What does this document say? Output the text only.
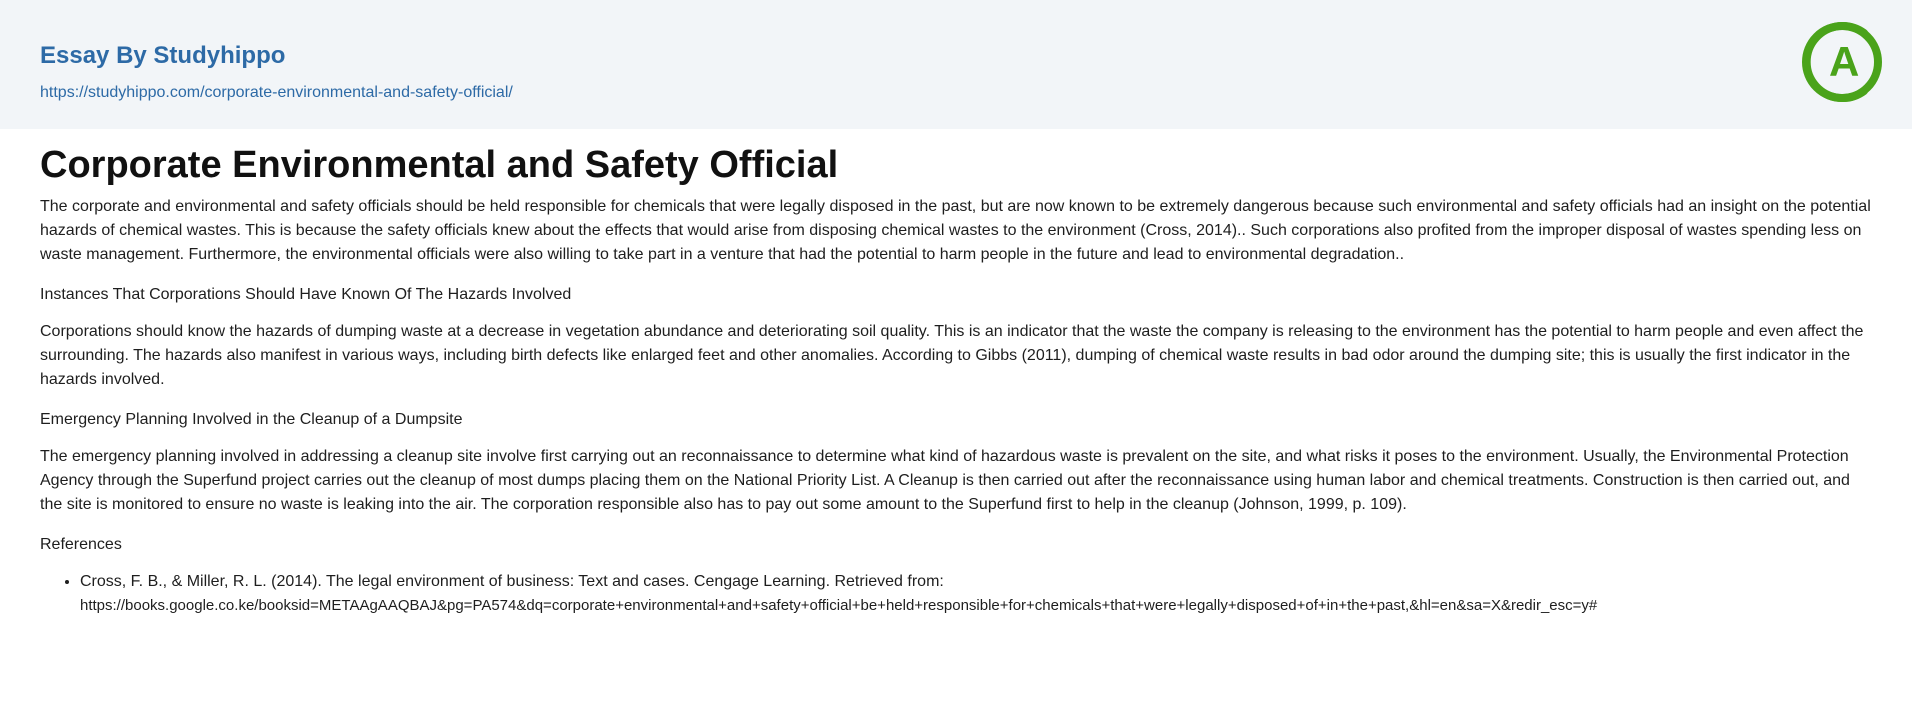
Essay By Studyhippo
https://studyhippo.com/corporate-environmental-and-safety-official/
A
Corporate Environmental and Safety Official

The corporate and environmental and safety officials should be held responsible for chemicals that were legally disposed in the past, but are now known to be extremely dangerous because such environmental and safety officials had an insight on the potential hazards of chemical wastes. This is because the safety officials knew about the effects that would arise from disposing chemical wastes to the environment (Cross, 2014).. Such corporations also profited from the improper disposal of wastes spending less on waste management. Furthermore, the environmental officials were also willing to take part in a venture that had the potential to harm people in the future and lead to environmental degradation..

Instances That Corporations Should Have Known Of The Hazards Involved

Corporations should know the hazards of dumping waste at a decrease in vegetation abundance and deteriorating soil quality. This is an indicator that the waste the company is releasing to the environment has the potential to harm people and even affect the surrounding. The hazards also manifest in various ways, including birth defects like enlarged feet and other anomalies. According to Gibbs (2011), dumping of chemical waste results in bad odor around the dumping site; this is usually the first indicator in the hazards involved.

Emergency Planning Involved in the Cleanup of a Dumpsite

The emergency planning involved in addressing a cleanup site involve first carrying out an reconnaissance to determine what kind of hazardous waste is prevalent on the site, and what risks it poses to the environment. Usually, the Environmental Protection Agency through the Superfund project carries out the cleanup of most dumps placing them on the National Priority List. A Cleanup is then carried out after the reconnaissance using human labor and chemical treatments. Construction is then carried out, and the site is monitored to ensure no waste is leaking into the air. The corporation responsible also has to pay out some amount to the Superfund first to help in the cleanup (Johnson, 1999, p. 109).

References

• Cross, F. B., & Miller, R. L. (2014). The legal environment of business: Text and cases. Cengage Learning. Retrieved from:
https://books.google.co.ke/booksid=METAAgAAQBAJ&pg=PA574&dq=corporate+environmental+and+safety+official+be+held+responsible+for+chemicals+that+were+legally+disposed+of+in+the+past,&hl=en&sa=X&redir_esc=y#
